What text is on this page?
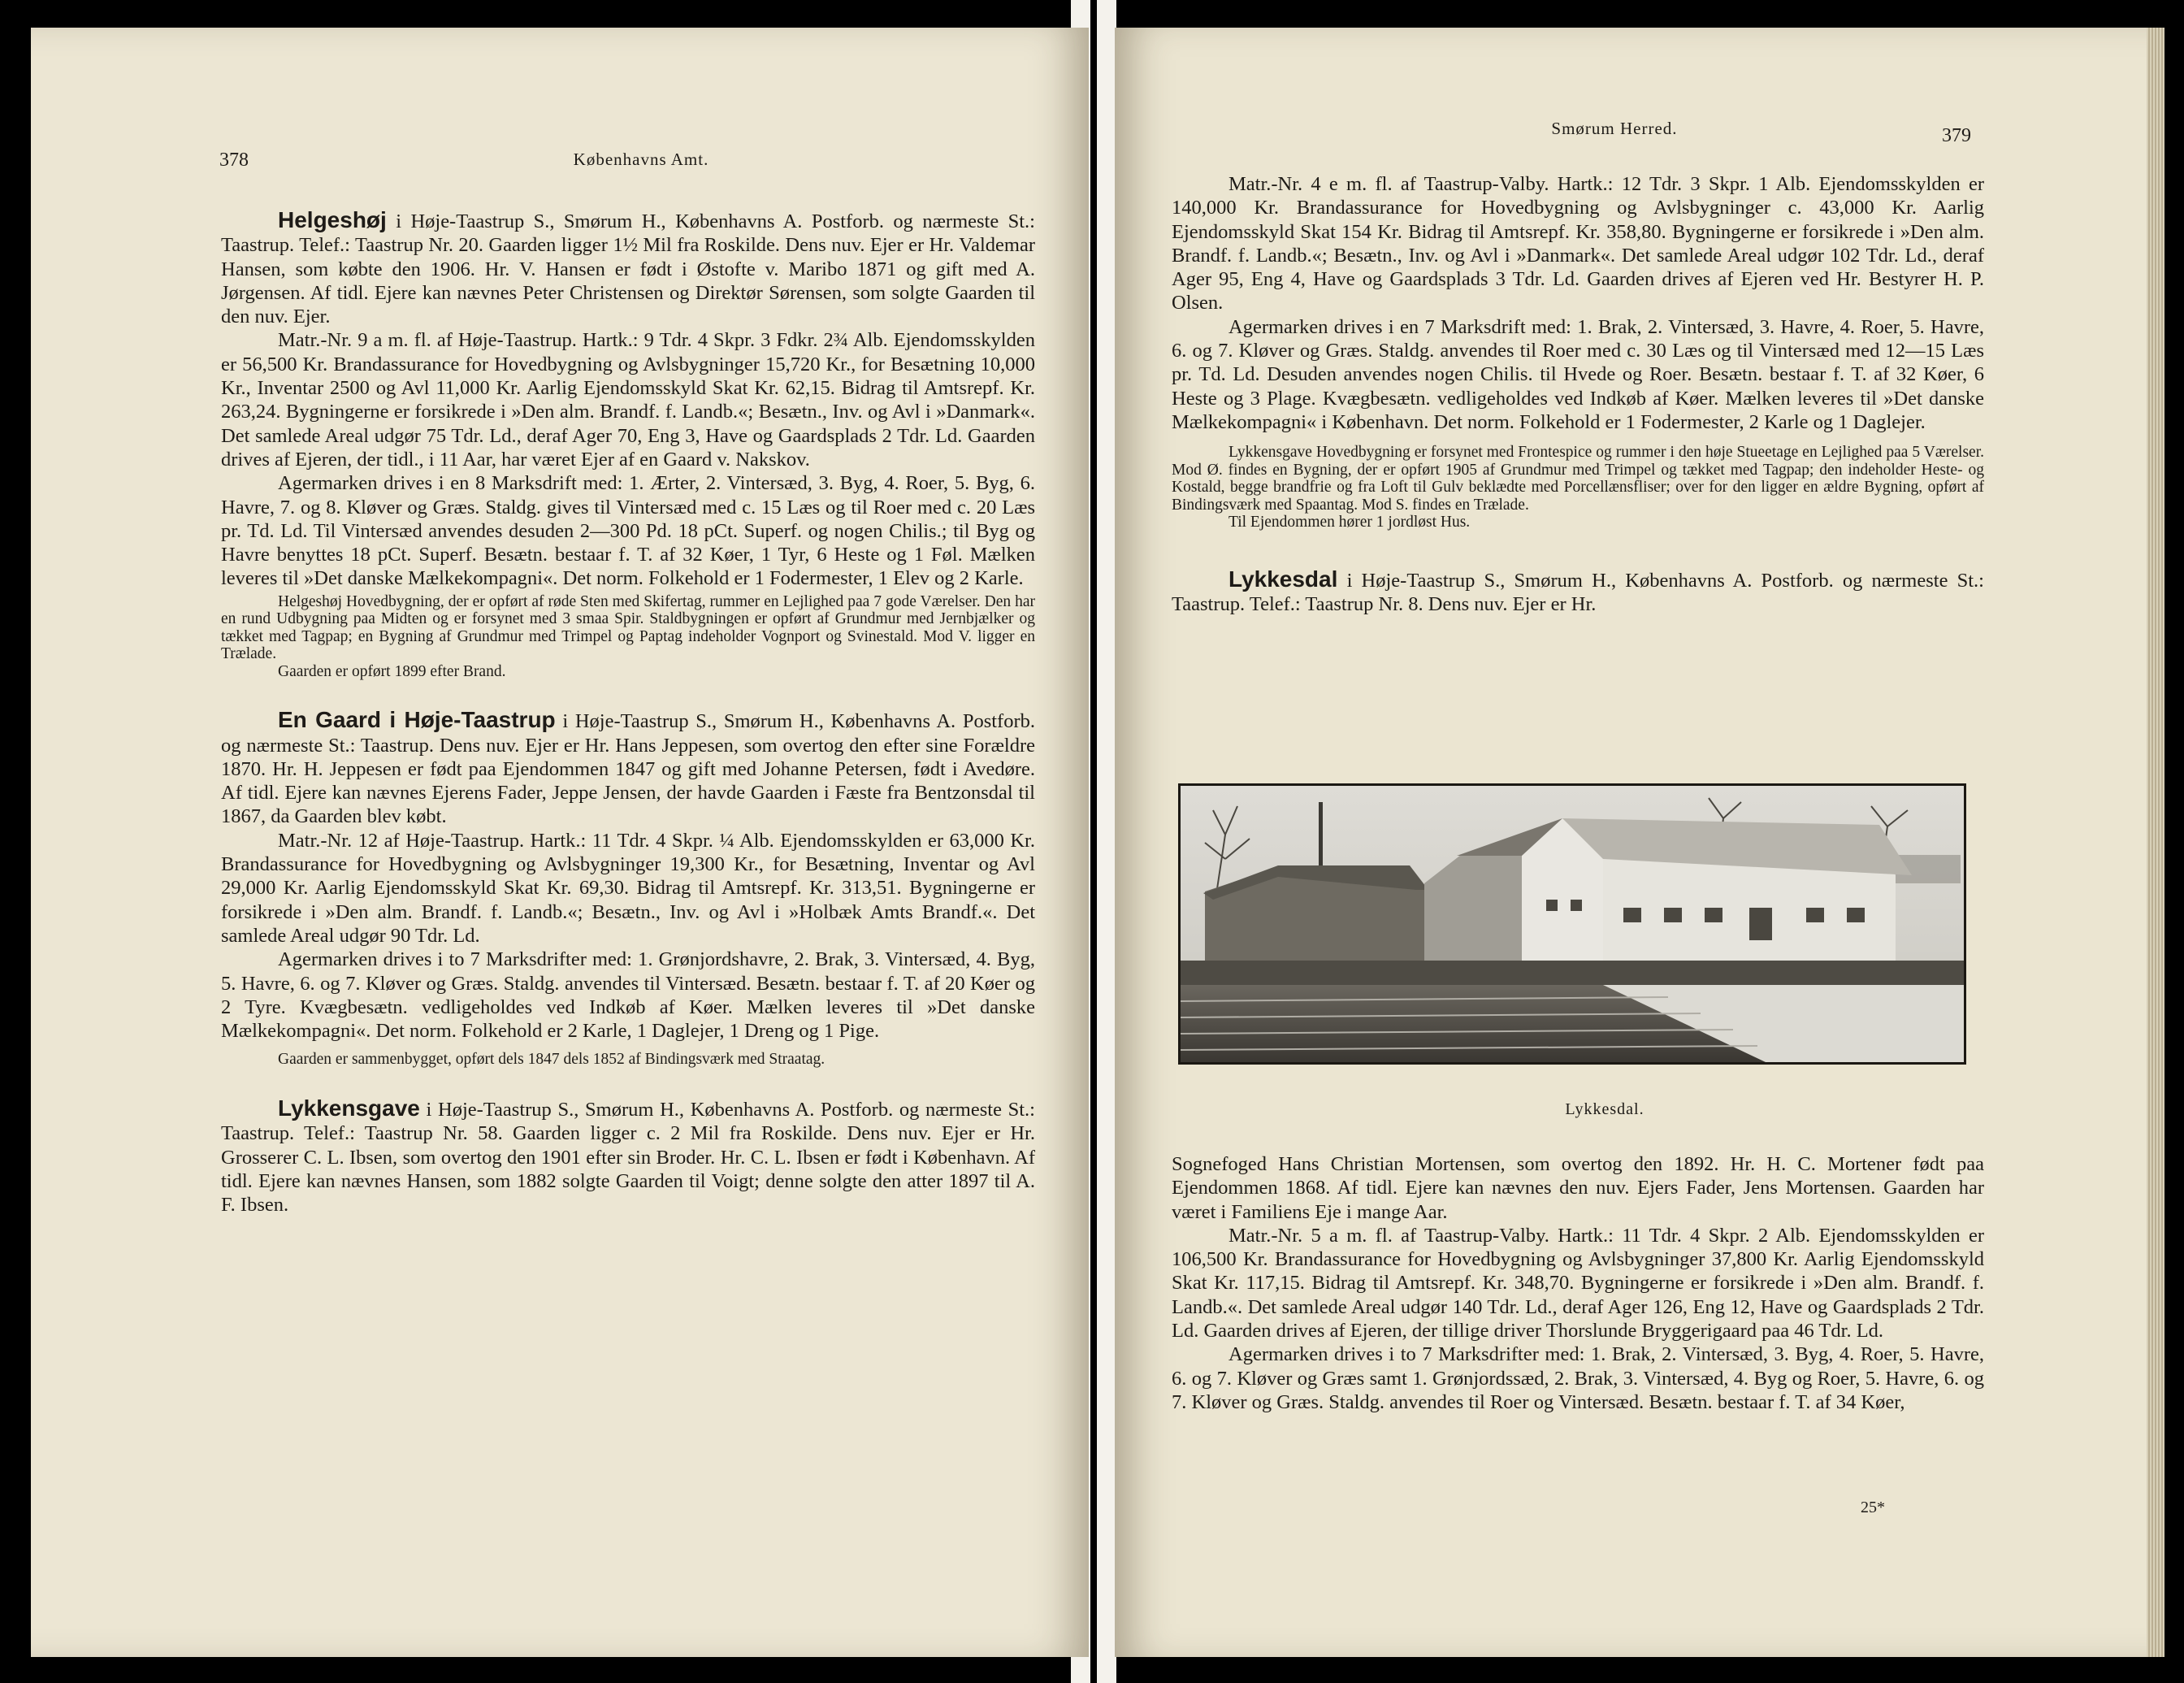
378	Københavns Amt.

Helgeshøj i Høje-Taastrup S., Smørum H., Københavns A. Postforb. og nærmeste St.: Taastrup. Telef.: Taastrup Nr. 20. Gaarden ligger 1½ Mil fra Roskilde. Dens nuv. Ejer er Hr. Valdemar Hansen, som købte den 1906. Hr. V. Hansen er født i Østofte v. Maribo 1871 og gift med A. Jørgensen. Af tidl. Ejere kan nævnes Peter Christensen og Direktør Sørensen, som solgte Gaarden til den nuv. Ejer.

Matr.-Nr. 9 a m. fl. af Høje-Taastrup. Hartk.: 9 Tdr. 4 Skpr. 3 Fdkr. 2¾ Alb. Ejendomsskylden er 56,500 Kr. Brandassurance for Hovedbygning og Avlsbygninger 15,720 Kr., for Besætning 10,000 Kr., Inventar 2500 og Avl 11,000 Kr. Aarlig Ejendomsskyld Skat Kr. 62,15. Bidrag til Amtsrepf. Kr. 263,24. Bygningerne er forsikrede i »Den alm. Brandf. f. Landb.«; Besætn., Inv. og Avl i »Danmark«. Det samlede Areal udgør 75 Tdr. Ld., deraf Ager 70, Eng 3, Have og Gaardsplads 2 Tdr. Ld. Gaarden drives af Ejeren, der tidl., i 11 Aar, har været Ejer af en Gaard v. Nakskov.

Agermarken drives i en 8 Marksdrift med: 1. Ærter, 2. Vintersæd, 3. Byg, 4. Roer, 5. Byg, 6. Havre, 7. og 8. Kløver og Græs. Staldg. gives til Vintersæd med c. 15 Læs og til Roer med c. 20 Læs pr. Td. Ld. Til Vintersæd anvendes desuden 2—300 Pd. 18 pCt. Superf. og nogen Chilis.; til Byg og Havre benyttes 18 pCt. Superf. Besætn. bestaar f. T. af 32 Køer, 1 Tyr, 6 Heste og 1 Føl. Mælken leveres til »Det danske Mælkekompagni«. Det norm. Folkehold er 1 Fodermester, 1 Elev og 2 Karle.

Helgeshøj Hovedbygning, der er opført af røde Sten med Skifertag, rummer en Lejlighed paa 7 gode Værelser. Den har en rund Udbygning paa Midten og er forsynet med 3 smaa Spir. Staldbygningen er opført af Grundmur med Jernbjælker og tækket med Tagpap; en Bygning af Grundmur med Trimpel og Paptag indeholder Vognport og Svinestald. Mod V. ligger en Trælade.

Gaarden er opført 1899 efter Brand.

En Gaard i Høje-Taastrup i Høje-Taastrup S., Smørum H., Københavns A. Postforb. og nærmeste St.: Taastrup. Dens nuv. Ejer er Hr. Hans Jeppesen, som overtog den efter sine Forældre 1870. Hr. H. Jeppesen er født paa Ejendommen 1847 og gift med Johanne Petersen, født i Avedøre. Af tidl. Ejere kan nævnes Ejerens Fader, Jeppe Jensen, der havde Gaarden i Fæste fra Bentzonsdal til 1867, da Gaarden blev købt.

Matr.-Nr. 12 af Høje-Taastrup. Hartk.: 11 Tdr. 4 Skpr. ¼ Alb. Ejendomsskylden er 63,000 Kr. Brandassurance for Hovedbygning og Avlsbygninger 19,300 Kr., for Besætning, Inventar og Avl 29,000 Kr. Aarlig Ejendomsskyld Skat Kr. 69,30. Bidrag til Amtsrepf. Kr. 313,51. Bygningerne er forsikrede i »Den alm. Brandf. f. Landb.«; Besætn., Inv. og Avl i »Holbæk Amts Brandf.«. Det samlede Areal udgør 90 Tdr. Ld.

Agermarken drives i to 7 Marksdrifter med: 1. Grønjordshavre, 2. Brak, 3. Vintersæd, 4. Byg, 5. Havre, 6. og 7. Kløver og Græs. Staldg. anvendes til Vintersæd. Besætn. bestaar f. T. af 20 Køer og 2 Tyre. Kvægbesætn. vedligeholdes ved Indkøb af Køer. Mælken leveres til »Det danske Mælkekompagni«. Det norm. Folkehold er 2 Karle, 1 Daglejer, 1 Dreng og 1 Pige.

Gaarden er sammenbygget, opført dels 1847 dels 1852 af Bindingsværk med Straatag.

Lykkensgave i Høje-Taastrup S., Smørum H., Københavns A. Postforb. og nærmeste St.: Taastrup. Telef.: Taastrup Nr. 58. Gaarden ligger c. 2 Mil fra Roskilde. Dens nuv. Ejer er Hr. Grosserer C. L. Ibsen, som overtog den 1901 efter sin Broder. Hr. C. L. Ibsen er født i København. Af tidl. Ejere kan nævnes Hansen, som 1882 solgte Gaarden til Voigt; denne solgte den atter 1897 til A. F. Ibsen.

Smørum Herred.	379

Matr.-Nr. 4 e m. fl. af Taastrup-Valby. Hartk.: 12 Tdr. 3 Skpr. 1 Alb. Ejendomsskylden er 140,000 Kr. Brandassurance for Hovedbygning og Avlsbygninger c. 43,000 Kr. Aarlig Ejendomsskyld Skat 154 Kr. Bidrag til Amtsrepf. Kr. 358,80. Bygningerne er forsikrede i »Den alm. Brandf. f. Landb.«; Besætn., Inv. og Avl i »Danmark«. Det samlede Areal udgør 102 Tdr. Ld., deraf Ager 95, Eng 4, Have og Gaardsplads 3 Tdr. Ld. Gaarden drives af Ejeren ved Hr. Bestyrer H. P. Olsen.

Agermarken drives i en 7 Marksdrift med: 1. Brak, 2. Vintersæd, 3. Havre, 4. Roer, 5. Havre, 6. og 7. Kløver og Græs. Staldg. anvendes til Roer med c. 30 Læs og til Vintersæd med 12—15 Læs pr. Td. Ld. Desuden anvendes nogen Chilis. til Hvede og Roer. Besætn. bestaar f. T. af 32 Køer, 6 Heste og 3 Plage. Kvægbesætn. vedligeholdes ved Indkøb af Køer. Mælken leveres til »Det danske Mælkekompagni« i København. Det norm. Folkehold er 1 Fodermester, 2 Karle og 1 Daglejer.

Lykkensgave Hovedbygning er forsynet med Frontespice og rummer i den høje Stueetage en Lejlighed paa 5 Værelser. Mod Ø. findes en Bygning, der er opført 1905 af Grundmur med Trimpel og tækket med Tagpap; den indeholder Heste- og Kostald, begge brandfrie og fra Loft til Gulv beklædte med Porcellænsfliser; over for den ligger en ældre Bygning, opført af Bindingsværk med Spaantag. Mod S. findes en Trælade.

Til Ejendommen hører 1 jordløst Hus.

Lykkesdal i Høje-Taastrup S., Smørum H., Københavns A. Postforb. og nærmeste St.: Taastrup. Telef.: Taastrup Nr. 8. Dens nuv. Ejer er Hr.

Lykkesdal.

Sognefoged Hans Christian Mortensen, som overtog den 1892. Hr. H. C. Mortener født paa Ejendommen 1868. Af tidl. Ejere kan nævnes den nuv. Ejers Fader, Jens Mortensen. Gaarden har været i Familiens Eje i mange Aar.

Matr.-Nr. 5 a m. fl. af Taastrup-Valby. Hartk.: 11 Tdr. 4 Skpr. 2 Alb. Ejendomsskylden er 106,500 Kr. Brandassurance for Hovedbygning og Avlsbygninger 37,800 Kr. Aarlig Ejendomsskyld Skat Kr. 117,15. Bidrag til Amtsrepf. Kr. 348,70. Bygningerne er forsikrede i »Den alm. Brandf. f. Landb.«. Det samlede Areal udgør 140 Tdr. Ld., deraf Ager 126, Eng 12, Have og Gaardsplads 2 Tdr. Ld. Gaarden drives af Ejeren, der tillige driver Thorslunde Bryggerigaard paa 46 Tdr. Ld.

Agermarken drives i to 7 Marksdrifter med: 1. Brak, 2. Vintersæd, 3. Byg, 4. Roer, 5. Havre, 6. og 7. Kløver og Græs samt 1. Grønjordssæd, 2. Brak, 3. Vintersæd, 4. Byg og Roer, 5. Havre, 6. og 7. Kløver og Græs. Staldg. anvendes til Roer og Vintersæd. Besætn. bestaar f. T. af 34 Køer,

25*
